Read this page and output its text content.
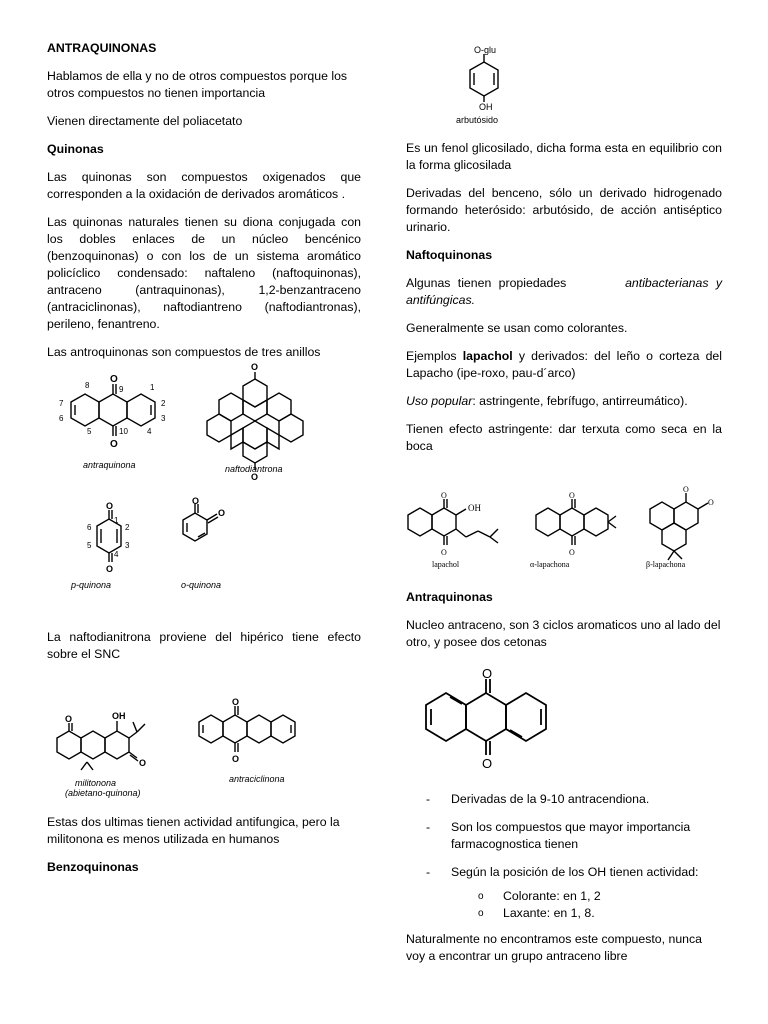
ANTRAQUINONAS

Hablamos de ella y no de otros compuestos porque los otros compuestos no tienen importancia

Vienen directamente del poliacetato

Quinonas

Las quinonas son compuestos oxigenados que corresponden a la oxidación de derivados aromáticos .

Las quinonas naturales tienen su diona conjugada con los dobles enlaces de un núcleo bencénico (benzoquinonas) o con los de un sistema aromático policíclico condensado: naftaleno (naftoquinonas), antraceno (antraquinonas), 1,2-benzantraceno (antraciclinonas), naftodiantreno (naftodiantronas), perileno, fenantreno.

Las antroquinonas son compuestos de tres anillos

O
O
8	9	1
7	2
6	3
5	10 4
antraquinona
O
O
naftodiantrona
O
O
1
2
3
4
5
6
p-quinona
O
O
o-quinona

La naftodianitrona proviene del hipérico tiene efecto sobre el SNC

O
O
OH
militonona
(abietano-quinona)
O
O
antraciclinona

Estas dos ultimas tienen actividad antifungica, pero la militonona es menos utilizada en humanos

Benzoquinonas

O-glu
OH
arbutósido

Es un fenol glicosilado, dicha forma esta en equilibrio con la forma glicosilada

Derivadas del benceno, sólo un derivado hidrogenado formando heterósido: arbutósido, de acción antiséptico urinario.

Naftoquinonas

Algunas tienen propiedades	antibacterianas y antifúngicas.

Generalmente se usan como colorantes.

Ejemplos lapachol y derivados: del leño o corteza del Lapacho (ipe-roxo, pau-d´arco)

Uso popular: astringente, febrífugo, antirreumático).

Tienen efecto astringente: dar terxuta como seca en la boca

O
O
OH
lapachol
O
O
α-lapachona
O
O
β-lapachona

Antraquinonas

Nucleo antraceno, son 3 ciclos aromaticos uno al lado del otro, y posee dos cetonas

O
O
- Derivadas de la 9-10 antracendiona.
- Son los compuestos que mayor importancia farmacognostica tienen
- Según la posición de los OH tienen actividad:
o Colorante: en 1, 2
o Laxante: en 1, 8.

Naturalmente no encontramos este compuesto, nunca voy a encontrar un grupo antraceno libre
